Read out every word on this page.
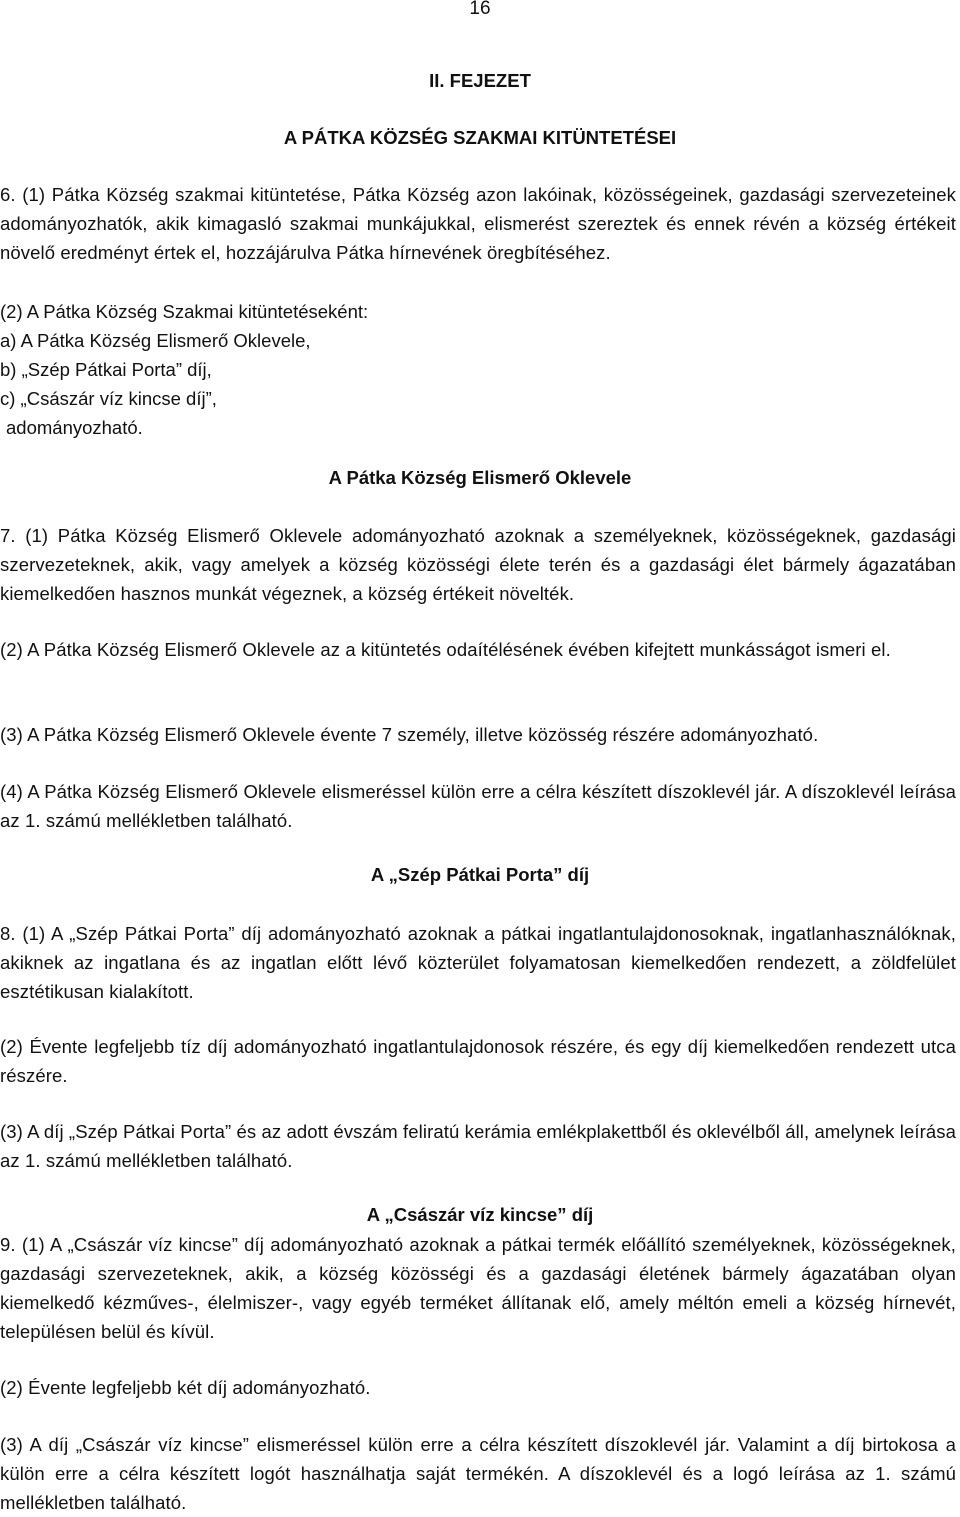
16
II. FEJEZET
A PÁTKA KÖZSÉG SZAKMAI KITÜNTETÉSEI
6. (1) Pátka Község szakmai kitüntetése, Pátka Község azon lakóinak, közösségeinek, gazdasági szervezeteinek adományozhatók, akik kimagasló szakmai munkájukkal, elismerést szereztek és ennek révén a község értékeit növelő eredményt értek el, hozzájárulva Pátka hírnevének öregbítéséhez.
(2) A Pátka Község Szakmai kitüntetéseként:
a) A Pátka Község Elismerő Oklevele,
b) „Szép Pátkai Porta” díj,
c) „Császár víz kincse díj”,
adományozható.
A Pátka Község Elismerő Oklevele
7. (1) Pátka Község Elismerő Oklevele adományozható azoknak a személyeknek, közösségeknek, gazdasági szervezeteknek, akik, vagy amelyek a község közösségi élete terén és a gazdasági élet bármely ágazatában kiemelkedően hasznos munkát végeznek, a község értékeit növelték.
(2) A Pátka Község Elismerő Oklevele az a kitüntetés odaítélésének évében kifejtett munkásságot ismeri el.
(3) A Pátka Község Elismerő Oklevele évente 7 személy, illetve közösség részére adományozható.
(4) A Pátka Község Elismerő Oklevele elismeréssel külön erre a célra készített díszoklevél jár. A díszoklevél leírása az 1. számú mellékletben található.
A „Szép Pátkai Porta” díj
8. (1) A „Szép Pátkai Porta” díj adományozható azoknak a pátkai ingatlantulajdonosoknak, ingatlanhasználóknak, akiknek az ingatlana és az ingatlan előtt lévő közterület folyamatosan kiemelkedően rendezett, a zöldfelület esztétikusan kialakított.
(2) Évente legfeljebb tíz díj adományozható ingatlantulajdonosok részére, és egy díj kiemelkedően rendezett utca részére.
(3) A díj „Szép Pátkai Porta” és az adott évszám feliratú kerámia emlékplakettből és oklevélből áll, amelynek leírása az 1. számú mellékletben található.
A „Császár víz kincse” díj
9. (1) A „Császár víz kincse” díj adományozható azoknak a pátkai termék előállító személyeknek, közösségeknek, gazdasági szervezeteknek, akik, a község közösségi és a gazdasági életének bármely ágazatában olyan kiemelkedő kézműves-, élelmiszer-, vagy egyéb terméket állítanak elő, amely méltón emeli a község hírnevét, településen belül és kívül.
(2) Évente legfeljebb két díj adományozható.
(3) A díj „Császár víz kincse” elismeréssel külön erre a célra készített díszoklevél jár. Valamint a díj birtokosa a külön erre a célra készített logót használhatja saját termékén. A díszoklevél és a logó leírása az 1. számú mellékletben található.
